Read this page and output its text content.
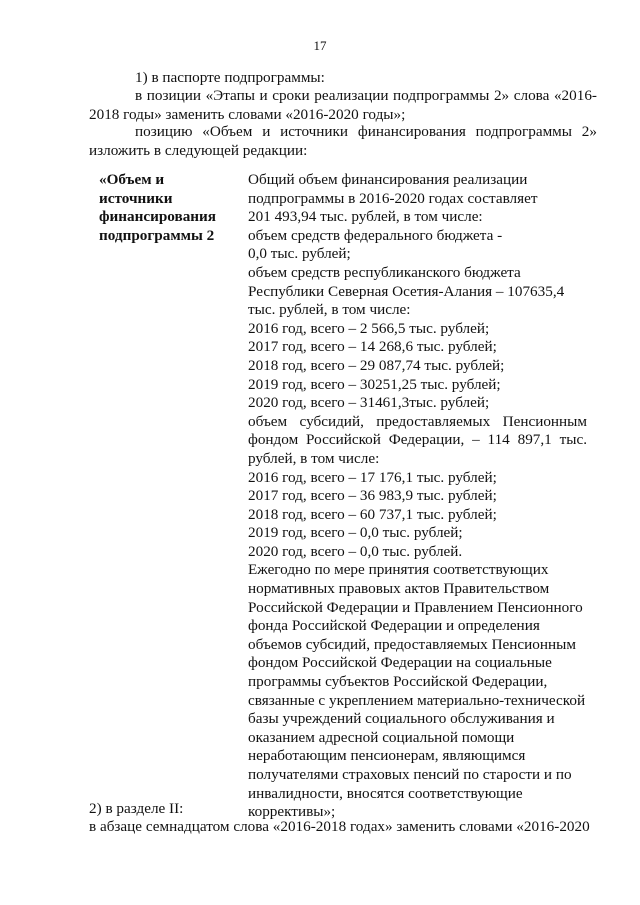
17
1) в паспорте подпрограммы:
в позиции «Этапы и сроки реализации подпрограммы 2» слова «2016-2018 годы» заменить словами «2016-2020 годы»;
позицию «Объем и источники финансирования подпрограммы 2» изложить в следующей редакции:
«Объем и
источники
финансирования
подпрограммы 2
Общий объем финансирования реализации
подпрограммы в 2016-2020 годах составляет
201 493,94 тыс. рублей, в том числе:
объем средств федерального бюджета -
0,0 тыс. рублей;
объем средств республиканского бюджета
Республики Северная Осетия-Алания – 107635,4
тыс. рублей, в том числе:
2016 год, всего – 2 566,5 тыс. рублей;
2017 год, всего – 14 268,6 тыс. рублей;
2018 год, всего – 29 087,74 тыс. рублей;
2019 год, всего – 30251,25 тыс. рублей;
2020 год, всего – 31461,3тыс. рублей;
объем субсидий, предоставляемых Пенсионным фондом Российской Федерации, – 114 897,1 тыс. рублей, в том числе:
2016 год, всего – 17 176,1 тыс. рублей;
2017 год, всего – 36 983,9 тыс. рублей;
2018 год, всего – 60 737,1 тыс. рублей;
2019 год, всего – 0,0 тыс. рублей;
2020 год, всего – 0,0 тыс. рублей.
Ежегодно по мере принятия соответствующих
нормативных правовых актов Правительством
Российской Федерации и Правлением Пенсионного
фонда Российской Федерации и определения
объемов субсидий, предоставляемых Пенсионным
фондом Российской Федерации на социальные
программы субъектов Российской Федерации,
связанные с укреплением материально-технической
базы учреждений социального обслуживания и
оказанием адресной социальной помощи
неработающим пенсионерам, являющимся
получателями страховых пенсий по старости и по
инвалидности, вносятся соответствующие
коррективы»;
2) в разделе II:
в абзаце семнадцатом слова «2016-2018 годах» заменить словами «2016-2020
